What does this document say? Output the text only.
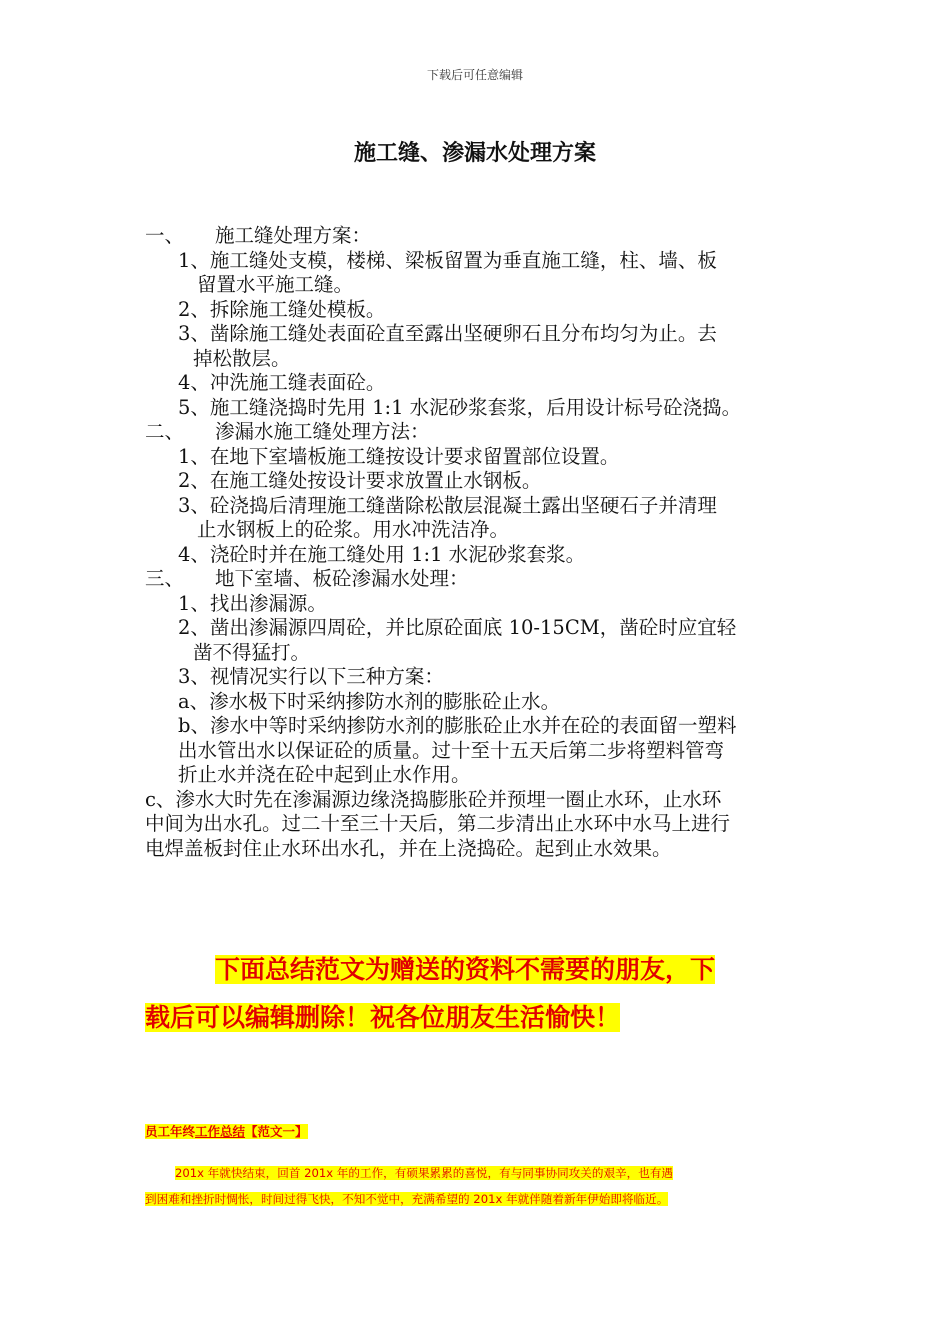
下载后可任意编辑
施工缝、渗漏水处理方案
一、 施工缝处理方案：
1、施工缝处支模，楼梯、梁板留置为垂直施工缝，柱、墙、板
留置水平施工缝。
2、拆除施工缝处模板。
3、凿除施工缝处表面砼直至露出坚硬卵石且分布均匀为止。去
掉松散层。
4、冲洗施工缝表面砼。
5、施工缝浇捣时先用 1:1 水泥砂浆套浆，后用设计标号砼浇捣。
二、 渗漏水施工缝处理方法：
1、在地下室墙板施工缝按设计要求留置部位设置。
2、在施工缝处按设计要求放置止水钢板。
3、砼浇捣后清理施工缝凿除松散层混凝土露出坚硬石子并清理
止水钢板上的砼浆。用水冲洗洁净。
4、浇砼时并在施工缝处用 1:1 水泥砂浆套浆。
三、 地下室墙、板砼渗漏水处理：
1、找出渗漏源。
2、凿出渗漏源四周砼，并比原砼面底 10-15CM，凿砼时应宜轻
凿不得猛打。
3、视情况实行以下三种方案：
a、渗水极下时采纳掺防水剂的膨胀砼止水。
b、渗水中等时采纳掺防水剂的膨胀砼止水并在砼的表面留一塑料
出水管出水以保证砼的质量。过十至十五天后第二步将塑料管弯
折止水并浇在砼中起到止水作用。
c、渗水大时先在渗漏源边缘浇捣膨胀砼并预埋一圈止水环，止水环
中间为出水孔。过二十至三十天后，第二步清出止水环中水马上进行
电焊盖板封住止水环出水孔，并在上浇捣砼。起到止水效果。
下面总结范文为赠送的资料不需要的朋友，下
载后可以编辑删除！祝各位朋友生活愉快！
员工年终工作总结【范文一】
201x 年就快结束，回首 201x 年的工作，有硕果累累的喜悦，有与同事协同攻关的艰辛，也有遇
到困难和挫折时惆怅，时间过得飞快，不知不觉中，充满希望的 201x 年就伴随着新年伊始即将临近。
